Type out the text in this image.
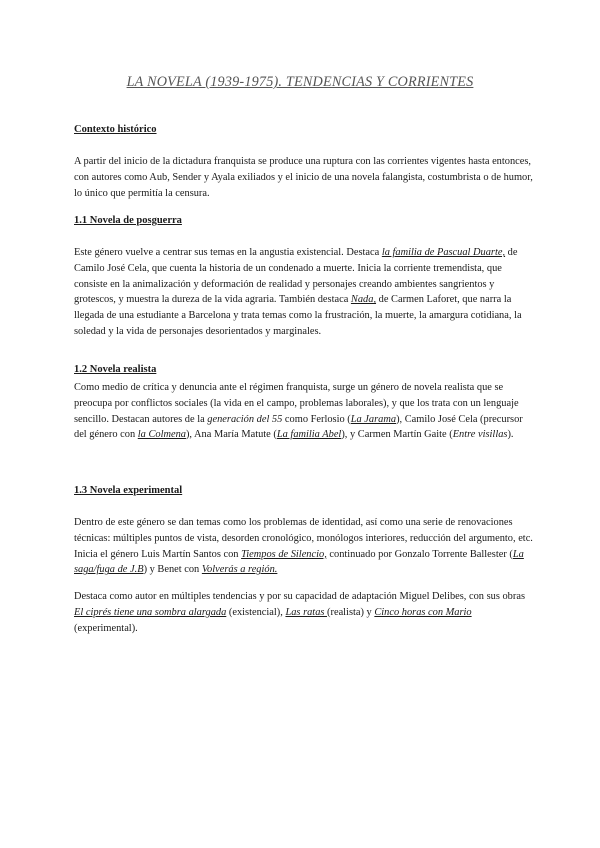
LA NOVELA (1939-1975). TENDENCIAS Y CORRIENTES
Contexto histórico
A partir del inicio de la dictadura franquista se produce una ruptura con las corrientes vigentes hasta entonces, con autores como Aub, Sender y Ayala exiliados y el inicio de una novela falangista, costumbrista o de humor, lo único que permitía la censura.
1.1 Novela de posguerra
Este género vuelve a centrar sus temas en la angustia existencial. Destaca la familia de Pascual Duarte, de Camilo José Cela, que cuenta la historia de un condenado a muerte. Inicia la corriente tremendista, que consiste en la animalización y deformación de realidad y personajes creando ambientes sangrientos y grotescos, y muestra la dureza de la vida agraria. También destaca Nada, de Carmen Laforet, que narra la llegada de una estudiante a Barcelona y trata temas como la frustración, la muerte, la amargura cotidiana, la soledad y la vida de personajes desorientados y marginales.
1.2 Novela realista
Como medio de crítica y denuncia ante el régimen franquista, surge un género de novela realista que se preocupa por conflictos sociales (la vida en el campo, problemas laborales), y que los trata con un lenguaje sencillo. Destacan autores de la generación del 55 como Ferlosio (La Jarama), Camilo José Cela (precursor del género con la Colmena), Ana María Matute (La familia Abel), y Carmen Martín Gaite (Entre visillas).
1.3 Novela experimental
Dentro de este género se dan temas como los problemas de identidad, así como una serie de renovaciones técnicas: múltiples puntos de vista, desorden cronológico, monólogos interiores, reducción del argumento, etc. Inicia el género Luis Martín Santos con Tiempos de Silencio, continuado por Gonzalo Torrente Ballester (La saga/fuga de J.B) y Benet con Volverás a región.
Destaca como autor en múltiples tendencias y por su capacidad de adaptación Miguel Delibes, con sus obras El ciprés tiene una sombra alargada (existencial), Las ratas (realista) y Cinco horas con Mario (experimental).
